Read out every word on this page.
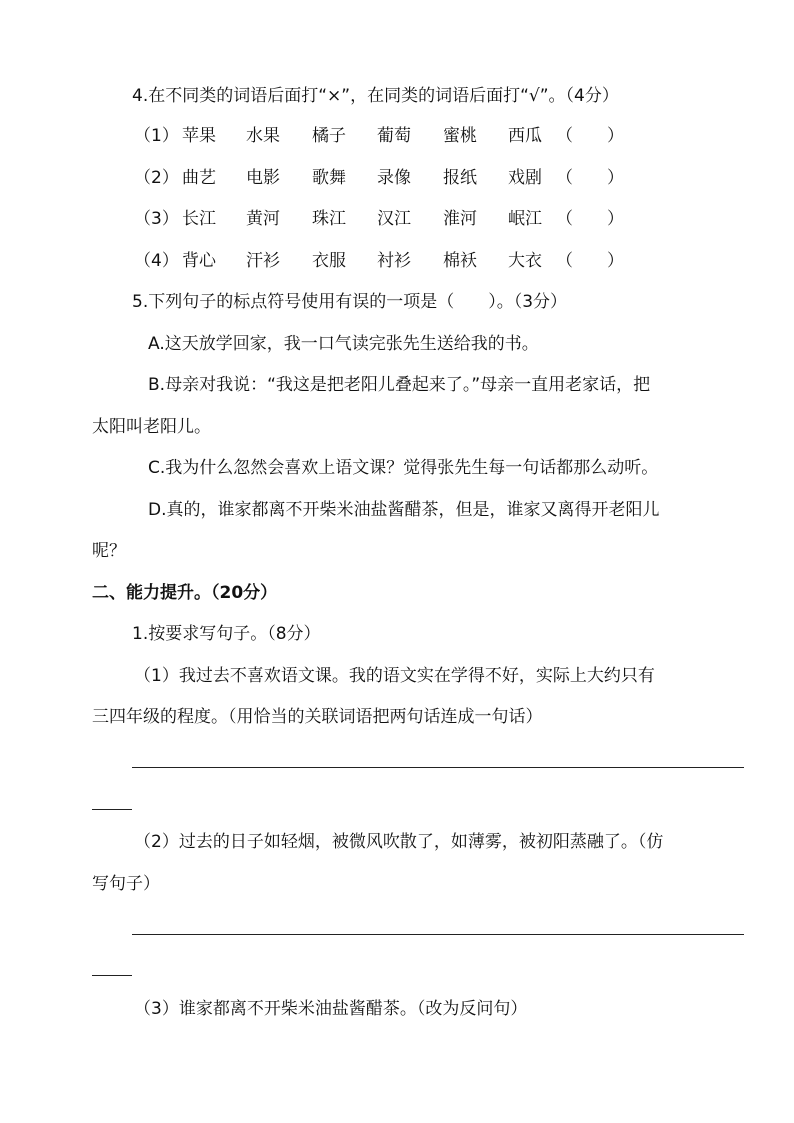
4.在不同类的词语后面打“×”，在同类的词语后面打“√”。（4分）
（1） 苹果 水果 橘子 葡萄 蜜桃 西瓜 （　　）
（2） 曲艺 电影 歌舞 录像 报纸 戏剧 （　　）
（3） 长江 黄河 珠江 汉江 淮河 岷江 （　　）
（4） 背心 汗衫 衣服 衬衫 棉袄 大衣 （　　）
5.下列句子的标点符号使用有误的一项是（　　）。（3分）
A.这天放学回家，我一口气读完张先生送给我的书。
B.母亲对我说：“我这是把老阳儿叠起来了。”母亲一直用老家话，把
太阳叫老阳儿。
C.我为什么忽然会喜欢上语文课？觉得张先生每一句话都那么动听。
D.真的，谁家都离不开柴米油盐酱醋茶，但是，谁家又离得开老阳儿
呢？
二、能力提升。（20分）
1.按要求写句子。（8分）
（1）我过去不喜欢语文课。我的语文实在学得不好，实际上大约只有
三四年级的程度。（用恰当的关联词语把两句话连成一句话）
（2）过去的日子如轻烟，被微风吹散了，如薄雾，被初阳蒸融了。（仿
写句子）
（3）谁家都离不开柴米油盐酱醋茶。（改为反问句）
